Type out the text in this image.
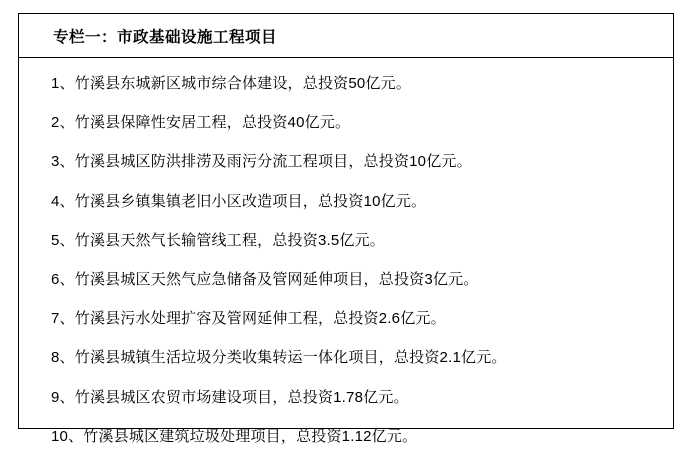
专栏一：市政基础设施工程项目
1、竹溪县东城新区城市综合体建设，总投资50亿元。
2、竹溪县保障性安居工程，总投资40亿元。
3、竹溪县城区防洪排涝及雨污分流工程项目，总投资10亿元。
4、竹溪县乡镇集镇老旧小区改造项目，总投资10亿元。
5、竹溪县天然气长输管线工程，总投资3.5亿元。
6、竹溪县城区天然气应急储备及管网延伸项目，总投资3亿元。
7、竹溪县污水处理扩容及管网延伸工程，总投资2.6亿元。
8、竹溪县城镇生活垃圾分类收集转运一体化项目，总投资2.1亿元。
9、竹溪县城区农贸市场建设项目，总投资1.78亿元。
10、竹溪县城区建筑垃圾处理项目，总投资1.12亿元。
